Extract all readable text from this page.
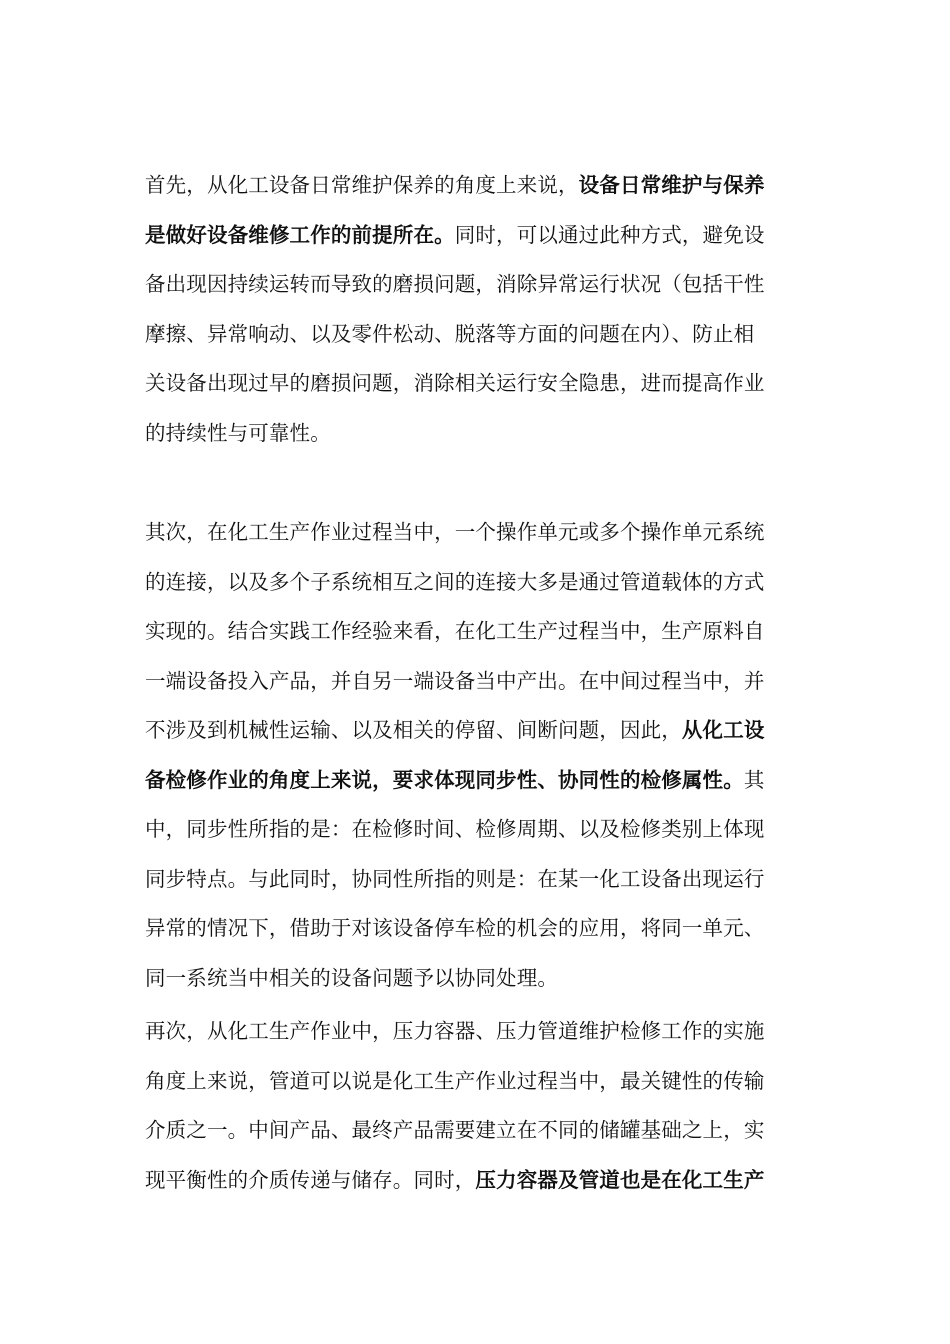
首先，从化工设备日常维护保养的角度上来说，设备日常维护与保养
是做好设备维修工作的前提所在。同时，可以通过此种方式，避免设
备出现因持续运转而导致的磨损问题，消除异常运行状况（包括干性
摩擦、异常响动、以及零件松动、脱落等方面的问题在内）、防止相
关设备出现过早的磨损问题，消除相关运行安全隐患，进而提高作业
的持续性与可靠性。
其次，在化工生产作业过程当中，一个操作单元或多个操作单元系统
的连接，以及多个子系统相互之间的连接大多是通过管道载体的方式
实现的。结合实践工作经验来看，在化工生产过程当中，生产原料自
一端设备投入产品，并自另一端设备当中产出。在中间过程当中，并
不涉及到机械性运输、以及相关的停留、间断问题，因此，从化工设
备检修作业的角度上来说，要求体现同步性、协同性的检修属性。其
中，同步性所指的是：在检修时间、检修周期、以及检修类别上体现
同步特点。与此同时，协同性所指的则是：在某一化工设备出现运行
异常的情况下，借助于对该设备停车检的机会的应用，将同一单元、
同一系统当中相关的设备问题予以协同处理。
再次，从化工生产作业中，压力容器、压力管道维护检修工作的实施
角度上来说，管道可以说是化工生产作业过程当中，最关键性的传输
介质之一。中间产品、最终产品需要建立在不同的储罐基础之上，实
现平衡性的介质传递与储存。同时，压力容器及管道也是在化工生产
